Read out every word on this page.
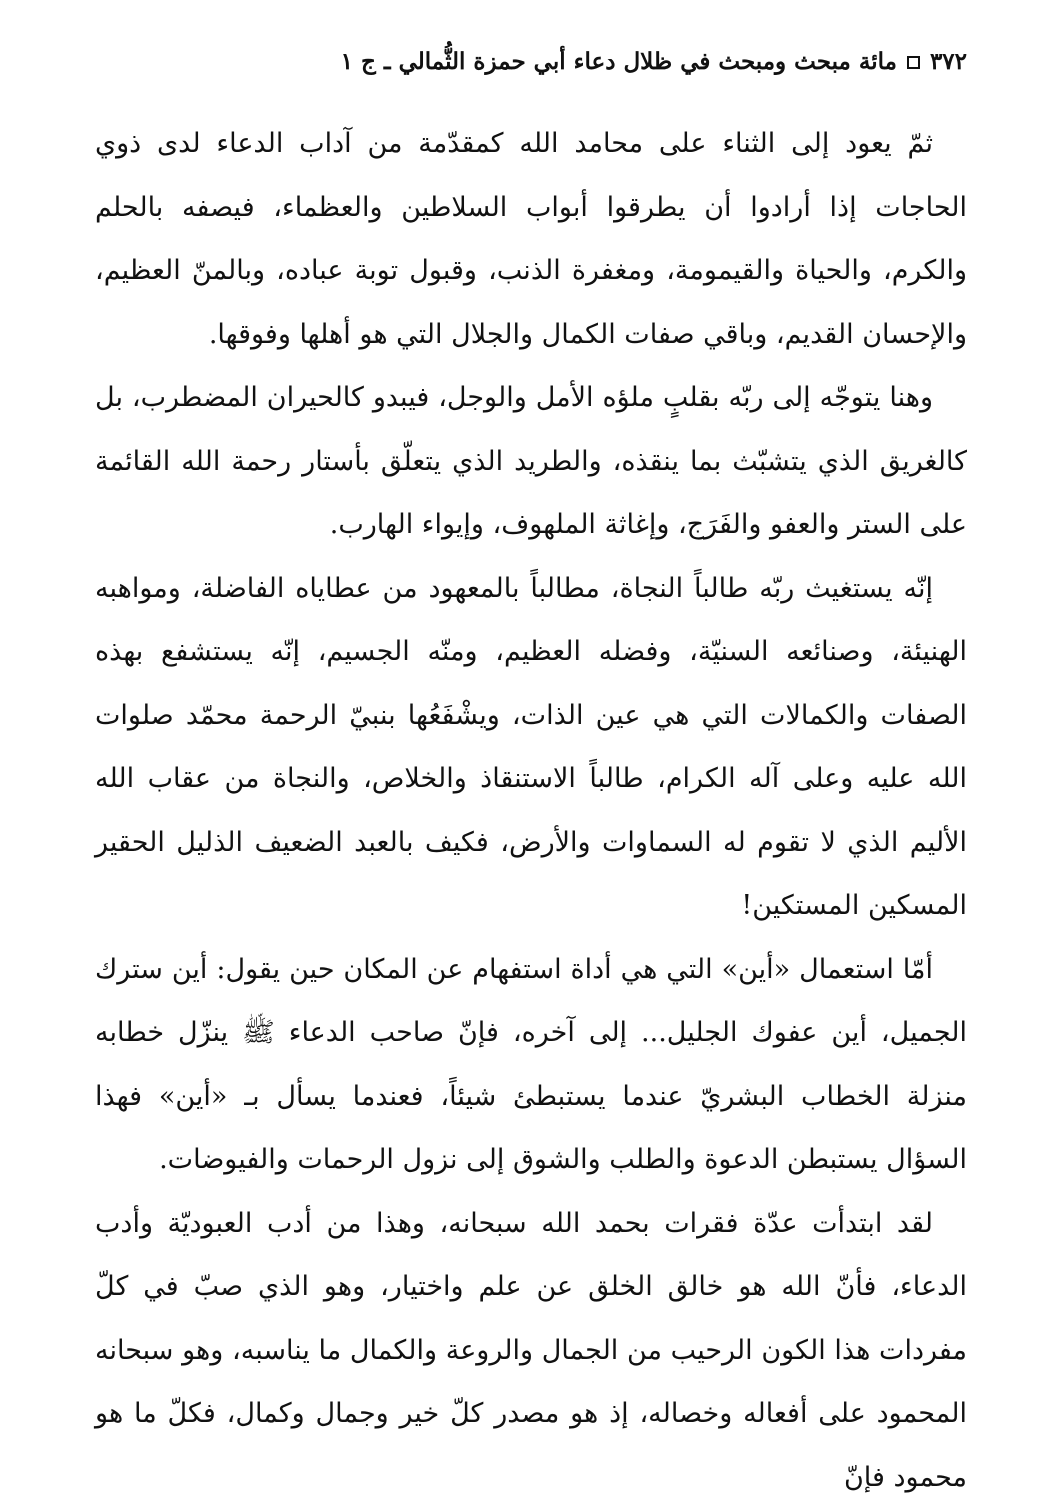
٣٧٢
مائة مبحث ومبحث في ظلال دعاء أبي حمزة الثُّمالي ـ ج ١

ثمّ يعود إلى الثناء على محامد الله كمقدّمة من آداب الدعاء لدى ذوي الحاجات إذا أرادوا أن يطرقوا أبواب السلاطين والعظماء، فيصفه بالحلم والكرم، والحياة والقيمومة، ومغفرة الذنب، وقبول توبة عباده، وبالمنّ العظيم، والإحسان القديم، وباقي صفات الكمال والجلال التي هو أهلها وفوقها.

وهنا يتوجّه إلى ربّه بقلبٍ ملؤه الأمل والوجل، فيبدو كالحيران المضطرب، بل كالغريق الذي يتشبّث بما ينقذه، والطريد الذي يتعلّق بأستار رحمة الله القائمة على الستر والعفو والفَرَج، وإغاثة الملهوف، وإيواء الهارب.

إنّه يستغيث ربّه طالباً النجاة، مطالباً بالمعهود من عطاياه الفاضلة، ومواهبه الهنيئة، وصنائعه السنيّة، وفضله العظيم، ومنّه الجسيم، إنّه يستشفع بهذه الصفات والكمالات التي هي عين الذات، ويشْفَعُها بنبيّ الرحمة محمّد صلوات الله عليه وعلى آله الكرام، طالباً الاستنقاذ والخلاص، والنجاة من عقاب الله الأليم الذي لا تقوم له السماوات والأرض، فكيف بالعبد الضعيف الذليل الحقير المسكين المستكين!

أمّا استعمال «أين» التي هي أداة استفهام عن المكان حين يقول: أين سترك الجميل، أين عفوك الجليل... إلى آخره، فإنّ صاحب الدعاء ﷺ ينزّل خطابه منزلة الخطاب البشريّ عندما يستبطئ شيئاً، فعندما يسأل بـ «أين» فهذا السؤال يستبطن الدعوة والطلب والشوق إلى نزول الرحمات والفيوضات.

لقد ابتدأت عدّة فقرات بحمد الله سبحانه، وهذا من أدب العبوديّة وأدب الدعاء، فأنّ الله هو خالق الخلق عن علم واختيار، وهو الذي صبّ في كلّ مفردات هذا الكون الرحيب من الجمال والروعة والكمال ما يناسبه، وهو سبحانه المحمود على أفعاله وخصاله، إذ هو مصدر كلّ خير وجمال وكمال، فكلّ ما هو محمود فإنّ
